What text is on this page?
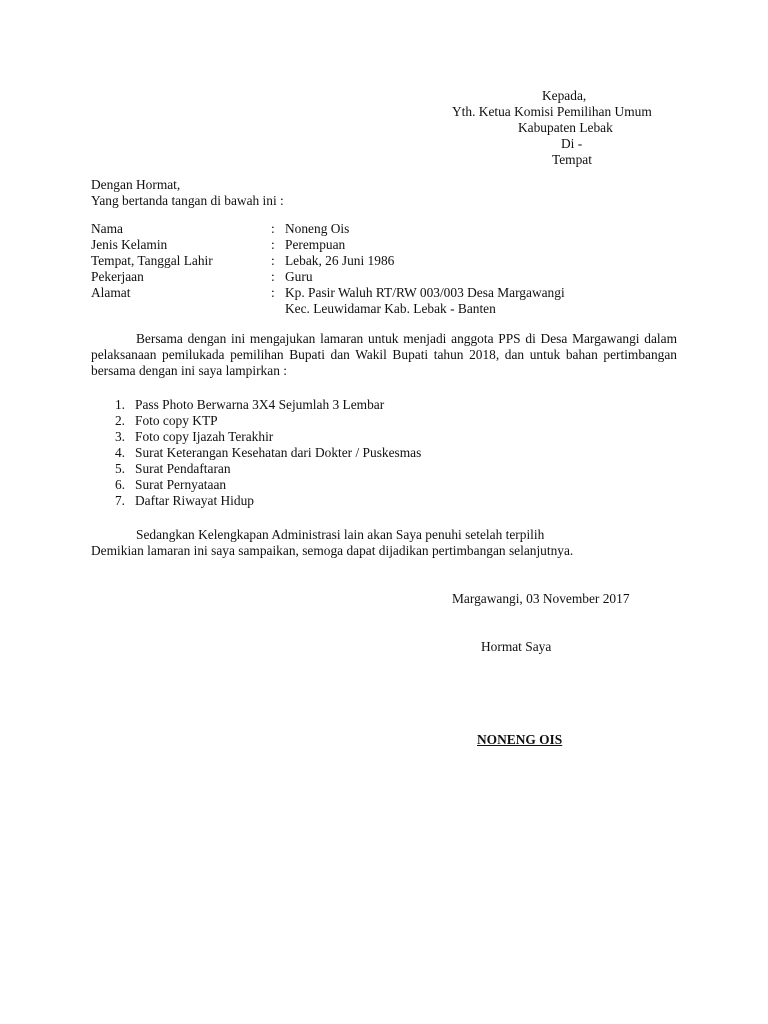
Kepada,
Yth. Ketua Komisi Pemilihan Umum
Kabupaten Lebak
Di -
Tempat
Dengan Hormat,
Yang bertanda tangan di bawah ini :
Nama	: Noneng Ois
Jenis Kelamin	: Perempuan
Tempat, Tanggal Lahir	: Lebak, 26 Juni 1986
Pekerjaan	: Guru
Alamat	: Kp. Pasir Waluh RT/RW 003/003 Desa Margawangi
Kec. Leuwidamar Kab. Lebak - Banten
Bersama dengan ini mengajukan lamaran untuk menjadi anggota PPS di Desa Margawangi dalam pelaksanaan pemilukada pemilihan Bupati dan Wakil Bupati tahun 2018, dan untuk bahan pertimbangan bersama dengan ini saya lampirkan :
1. Pass Photo Berwarna 3X4 Sejumlah 3 Lembar
2. Foto copy KTP
3. Foto copy Ijazah Terakhir
4. Surat Keterangan Kesehatan dari Dokter / Puskesmas
5. Surat Pendaftaran
6. Surat Pernyataan
7. Daftar Riwayat Hidup
Sedangkan Kelengkapan Administrasi lain akan Saya penuhi setelah terpilih
Demikian lamaran ini saya sampaikan, semoga dapat dijadikan pertimbangan selanjutnya.
Margawangi, 03 November 2017
Hormat Saya
NONENG OIS
